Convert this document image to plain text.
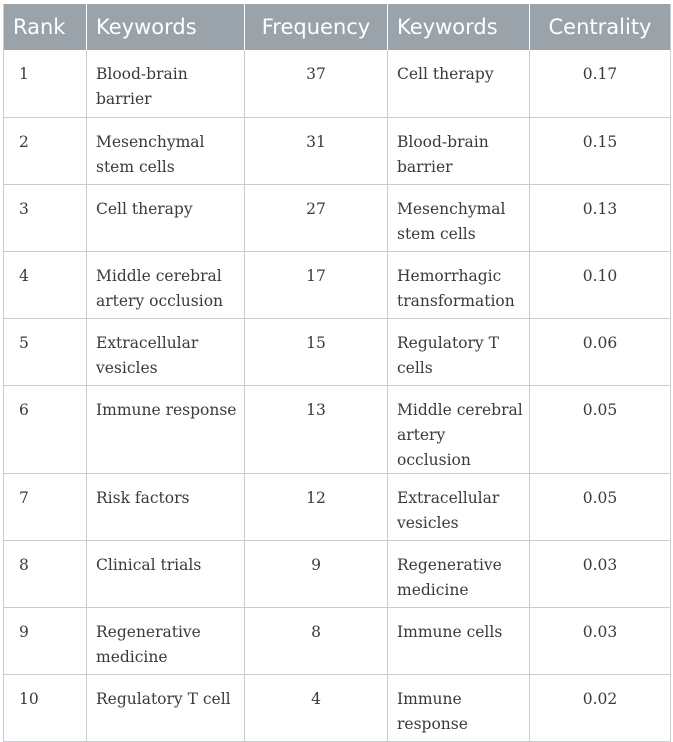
Rank	Keywords	Frequency	Keywords	Centrality
1	Blood-brain barrier	37	Cell therapy	0.17
2	Mesenchymal stem cells	31	Blood-brain barrier	0.15
3	Cell therapy	27	Mesenchymal stem cells	0.13
4	Middle cerebral artery occlusion	17	Hemorrhagic transformation	0.10
5	Extracellular vesicles	15	Regulatory T cells	0.06
6	Immune response	13	Middle cerebral artery occlusion	0.05
7	Risk factors	12	Extracellular vesicles	0.05
8	Clinical trials	9	Regenerative medicine	0.03
9	Regenerative medicine	8	Immune cells	0.03
10	Regulatory T cell	4	Immune response	0.02
